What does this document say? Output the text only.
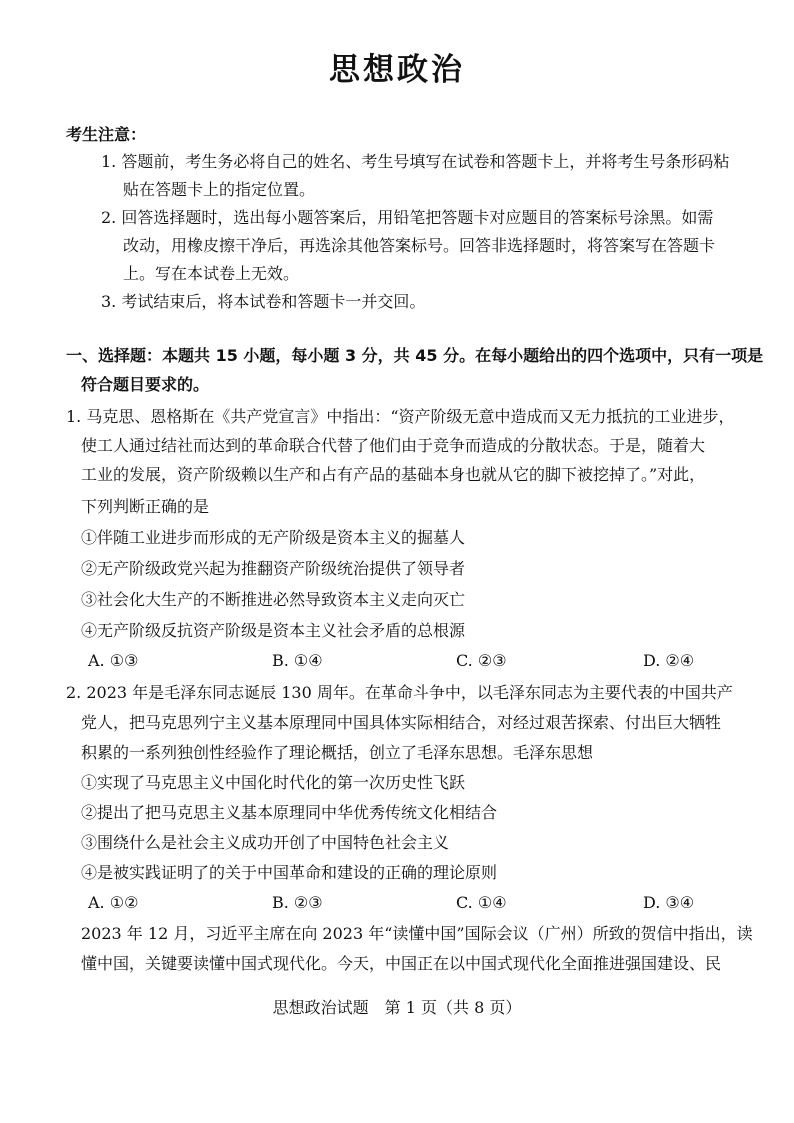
思想政治
考生注意：
1. 答题前，考生务必将自己的姓名、考生号填写在试卷和答题卡上，并将考生号条形码粘
贴在答题卡上的指定位置。
2. 回答选择题时，选出每小题答案后，用铅笔把答题卡对应题目的答案标号涂黑。如需
改动，用橡皮擦干净后，再选涂其他答案标号。回答非选择题时，将答案写在答题卡
上。写在本试卷上无效。
3. 考试结束后，将本试卷和答题卡一并交回。
一、选择题：本题共 15 小题，每小题 3 分，共 45 分。在每小题给出的四个选项中，只有一项是
符合题目要求的。
1. 马克思、恩格斯在《共产党宣言》中指出：“资产阶级无意中造成而又无力抵抗的工业进步，
使工人通过结社而达到的革命联合代替了他们由于竞争而造成的分散状态。于是，随着大
工业的发展，资产阶级赖以生产和占有产品的基础本身也就从它的脚下被挖掉了。”对此，
下列判断正确的是
①伴随工业进步而形成的无产阶级是资本主义的掘墓人
②无产阶级政党兴起为推翻资产阶级统治提供了领导者
③社会化大生产的不断推进必然导致资本主义走向灭亡
④无产阶级反抗资产阶级是资本主义社会矛盾的总根源
A. ①③	B. ①④	C. ②③	D. ②④
2. 2023 年是毛泽东同志诞辰 130 周年。在革命斗争中，以毛泽东同志为主要代表的中国共产
党人，把马克思列宁主义基本原理同中国具体实际相结合，对经过艰苦探索、付出巨大牺牲
积累的一系列独创性经验作了理论概括，创立了毛泽东思想。毛泽东思想
①实现了马克思主义中国化时代化的第一次历史性飞跃
②提出了把马克思主义基本原理同中华优秀传统文化相结合
③围绕什么是社会主义成功开创了中国特色社会主义
④是被实践证明了的关于中国革命和建设的正确的理论原则
A. ①②	B. ②③	C. ①④	D. ③④
2023 年 12 月，习近平主席在向 2023 年“读懂中国”国际会议（广州）所致的贺信中指出，读
懂中国，关键要读懂中国式现代化。今天，中国正在以中国式现代化全面推进强国建设、民
思想政治试题　第 1 页（共 8 页）
